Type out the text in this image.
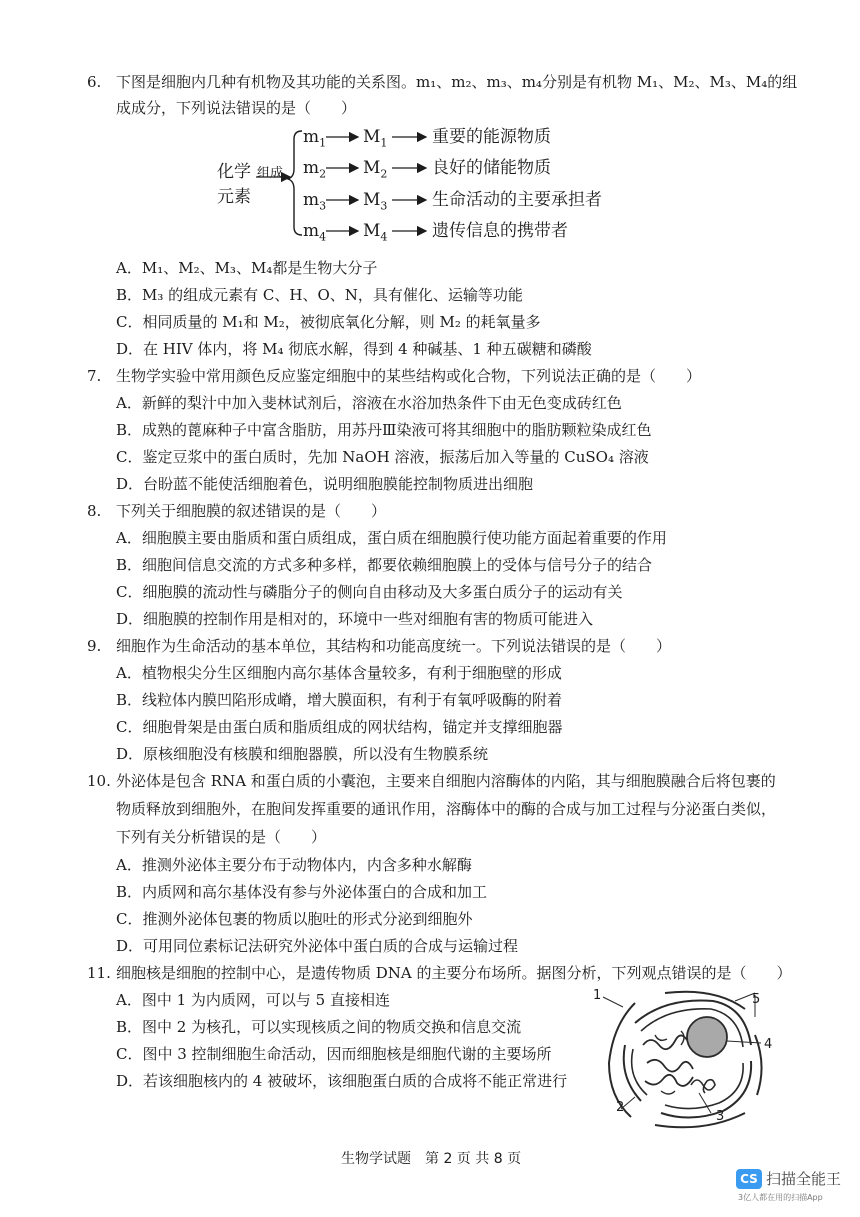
6. 下图是细胞内几种有机物及其功能的关系图。m₁、m₂、m₃、m₄分别是有机物 M₁、M₂、M₃、M₄的组
成成分，下列说法错误的是（　　）
化学
元素
组成
$m_1$ $M_1$	重要的能源物质
$m_2$ $M_2$	良好的储能物质
$m_3$ $M_3$	生命活动的主要承担者
$m_4$ $M_4$	遗传信息的携带者
A．M₁、M₂、M₃、M₄都是生物大分子
B．M₃ 的组成元素有 C、H、O、N，具有催化、运输等功能
C．相同质量的 M₁和 M₂，被彻底氧化分解，则 M₂ 的耗氧量多
D．在 HIV 体内，将 M₄ 彻底水解，得到 4 种碱基、1 种五碳糖和磷酸
7. 生物学实验中常用颜色反应鉴定细胞中的某些结构或化合物，下列说法正确的是（　　）
A．新鲜的梨汁中加入斐林试剂后，溶液在水浴加热条件下由无色变成砖红色
B．成熟的蓖麻种子中富含脂肪，用苏丹Ⅲ染液可将其细胞中的脂肪颗粒染成红色
C．鉴定豆浆中的蛋白质时，先加 NaOH 溶液，振荡后加入等量的 CuSO₄ 溶液
D．台盼蓝不能使活细胞着色，说明细胞膜能控制物质进出细胞
8. 下列关于细胞膜的叙述错误的是（　　）
A．细胞膜主要由脂质和蛋白质组成，蛋白质在细胞膜行使功能方面起着重要的作用
B．细胞间信息交流的方式多种多样，都要依赖细胞膜上的受体与信号分子的结合
C．细胞膜的流动性与磷脂分子的侧向自由移动及大多蛋白质分子的运动有关
D．细胞膜的控制作用是相对的，环境中一些对细胞有害的物质可能进入
9. 细胞作为生命活动的基本单位，其结构和功能高度统一。下列说法错误的是（　　）
A．植物根尖分生区细胞内高尔基体含量较多，有利于细胞壁的形成
B．线粒体内膜凹陷形成嵴，增大膜面积，有利于有氧呼吸酶的附着
C．细胞骨架是由蛋白质和脂质组成的网状结构，锚定并支撑细胞器
D．原核细胞没有核膜和细胞器膜，所以没有生物膜系统
10. 外泌体是包含 RNA 和蛋白质的小囊泡，主要来自细胞内溶酶体的内陷，其与细胞膜融合后将包裹的
物质释放到细胞外，在胞间发挥重要的通讯作用，溶酶体中的酶的合成与加工过程与分泌蛋白类似，
下列有关分析错误的是（　　）
A．推测外泌体主要分布于动物体内，内含多种水解酶
B．内质网和高尔基体没有参与外泌体蛋白的合成和加工
C．推测外泌体包裹的物质以胞吐的形式分泌到细胞外
D．可用同位素标记法研究外泌体中蛋白质的合成与运输过程
11. 细胞核是细胞的控制中心，是遗传物质 DNA 的主要分布场所。据图分析，下列观点错误的是（　　）
A．图中 1 为内质网，可以与 5 直接相连
B．图中 2 为核孔，可以实现核质之间的物质交换和信息交流
C．图中 3 控制细胞生命活动，因而细胞核是细胞代谢的主要场所
D．若该细胞核内的 4 被破坏，该细胞蛋白质的合成将不能正常进行
1
2
3
4
5
生物学试题　第 2 页 共 8 页
CS 扫描全能王
3亿人都在用的扫描App
